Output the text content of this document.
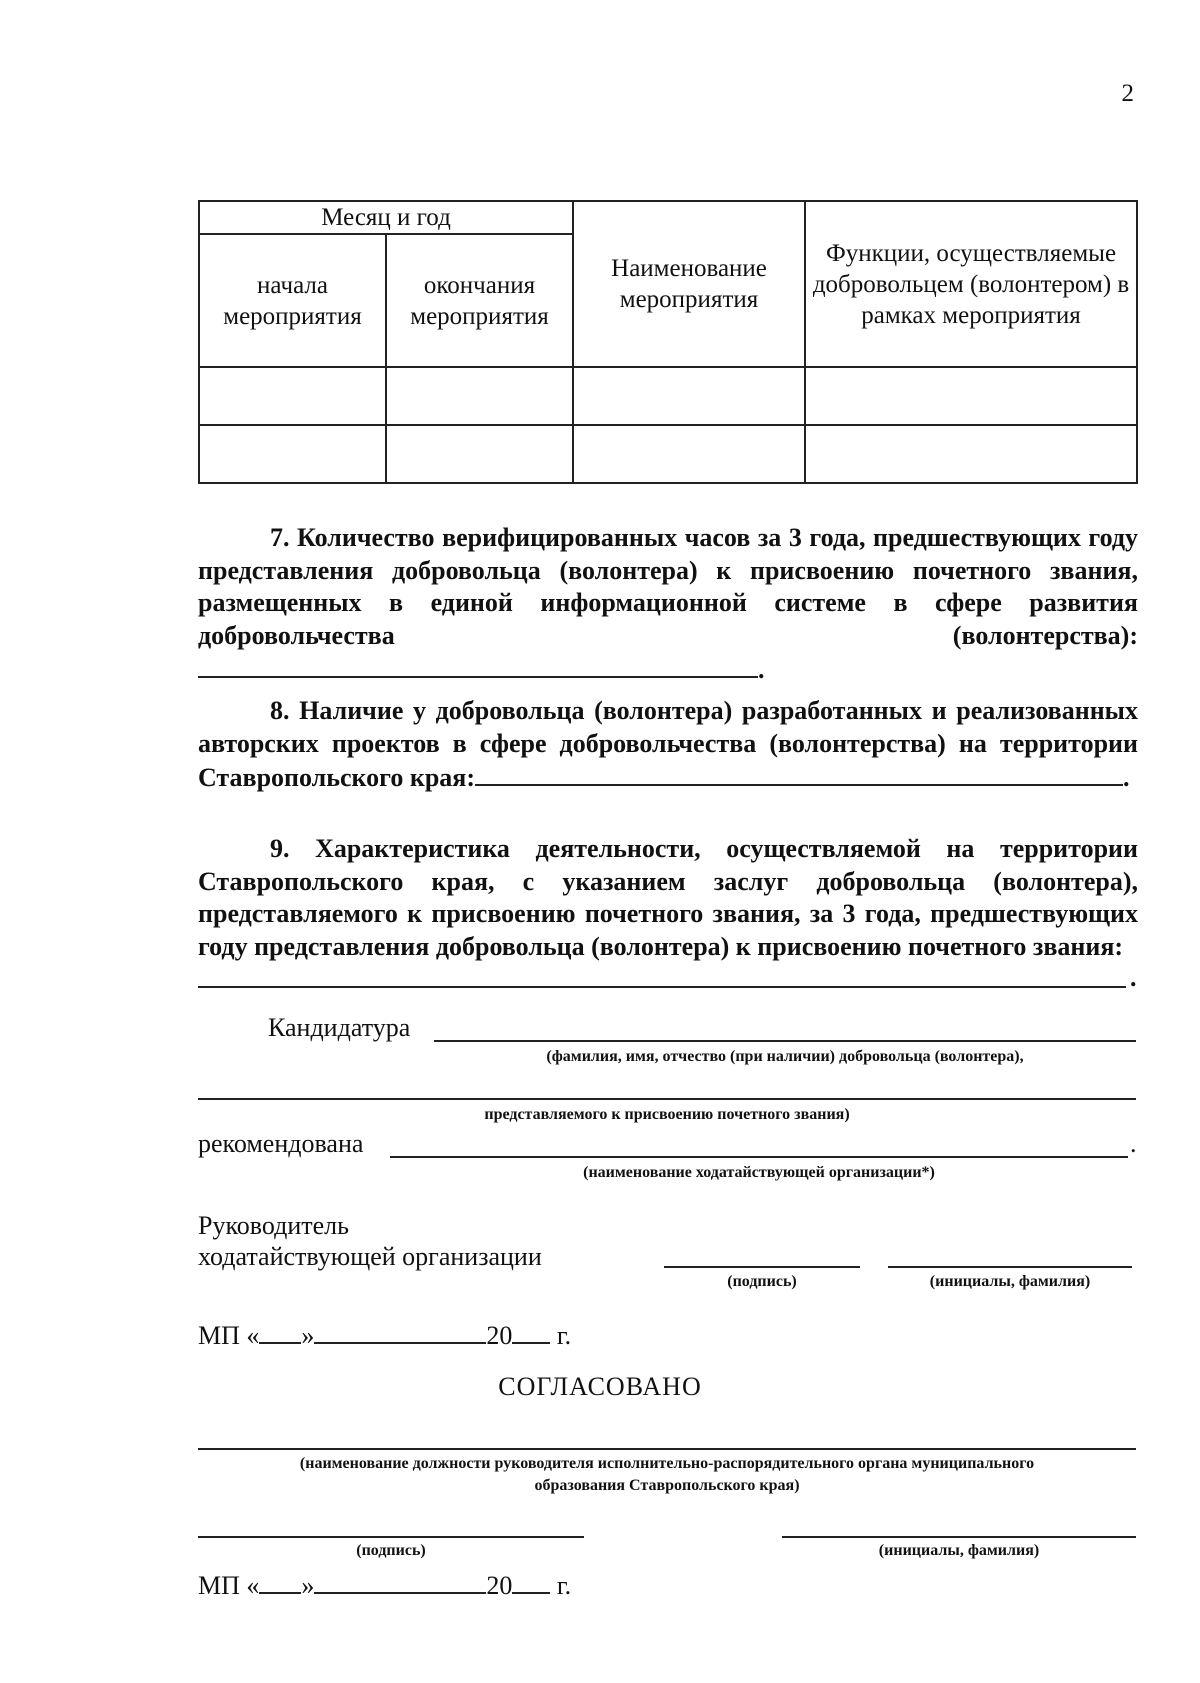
2
Месяц и год		Наименование мероприятия	Функции, осуществляемые добровольцем (волонтером) в рамках мероприятия
начала мероприятия	окончания мероприятия		

7. Количество верифицированных часов за 3 года, предшествующих году представления добровольца (волонтера) к присвоению почетного звания, размещенных в единой информационной системе в сфере развития добровольчества (волонтерства): .
8. Наличие у добровольца (волонтера) разработанных и реализованных авторских проектов в сфере добровольчества (волонтерства) на территории Ставропольского края:	.
9. Характеристика деятельности, осуществляемой на территории Ставропольского края, с указанием заслуг добровольца (волонтера), представляемого к присвоению почетного звания, за 3 года, предшествующих году представления добровольца (волонтера) к присвоению почетного звания:
.
Кандидатура
(фамилия, имя, отчество (при наличии) добровольца (волонтера),
представляемого к присвоению почетного звания)
рекомендована	.
(наименование ходатайствующей организации*)
Руководитель
ходатайствующей организации
(подпись)	(инициалы, фамилия)
МП « »	20 г.
СОГЛАСОВАНО
(наименование должности руководителя исполнительно-распорядительного органа муниципального
образования Ставропольского края)
(подпись)	(инициалы, фамилия)
МП « »	20 г.
